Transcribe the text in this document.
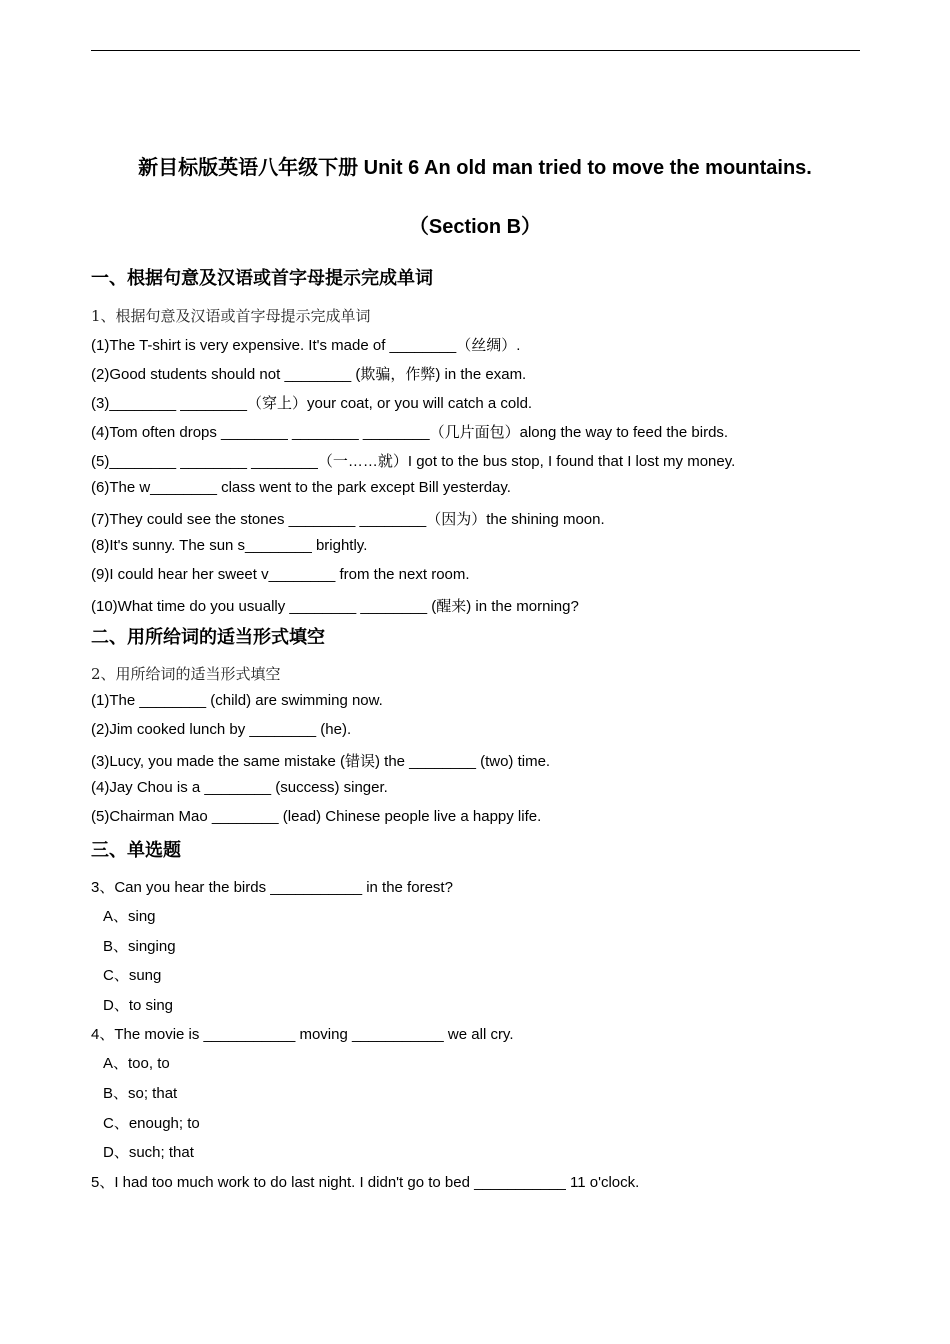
新目标版英语八年级下册 Unit 6 An old man tried to move the mountains.
（Section B）
一、根据句意及汉语或首字母提示完成单词
1、根据句意及汉语或首字母提示完成单词
(1)The T-shirt is very expensive. It's made of ________（丝绸）.
(2)Good students should not ________ (欺骗，作弊) in the exam.
(3)________ ________（穿上）your coat, or you will catch a cold.
(4)Tom often drops ________ ________ ________（几片面包）along the way to feed the birds.
(5)________ ________ ________（一……就）I got to the bus stop, I found that I lost my money.
(6)The w________ class went to the park except Bill yesterday.
(7)They could see the stones ________ ________（因为）the shining moon.
(8)It's sunny. The sun s________ brightly.
(9)I could hear her sweet v________ from the next room.
(10)What time do you usually ________ ________ (醒来) in the morning?
二、用所给词的适当形式填空
2、用所给词的适当形式填空
(1)The ________ (child) are swimming now.
(2)Jim cooked lunch by ________ (he).
(3)Lucy, you made the same mistake (错误) the ________ (two) time.
(4)Jay Chou is a ________ (success) singer.
(5)Chairman Mao ________ (lead) Chinese people live a happy life.
三、单选题
3、Can you hear the birds ___________ in the forest?
A、sing
B、singing
C、sung
D、to sing
4、The movie is ___________ moving ___________ we all cry.
A、too, to
B、so; that
C、enough; to
D、such; that
5、I had too much work to do last night. I didn't go to bed ___________ 11 o'clock.
